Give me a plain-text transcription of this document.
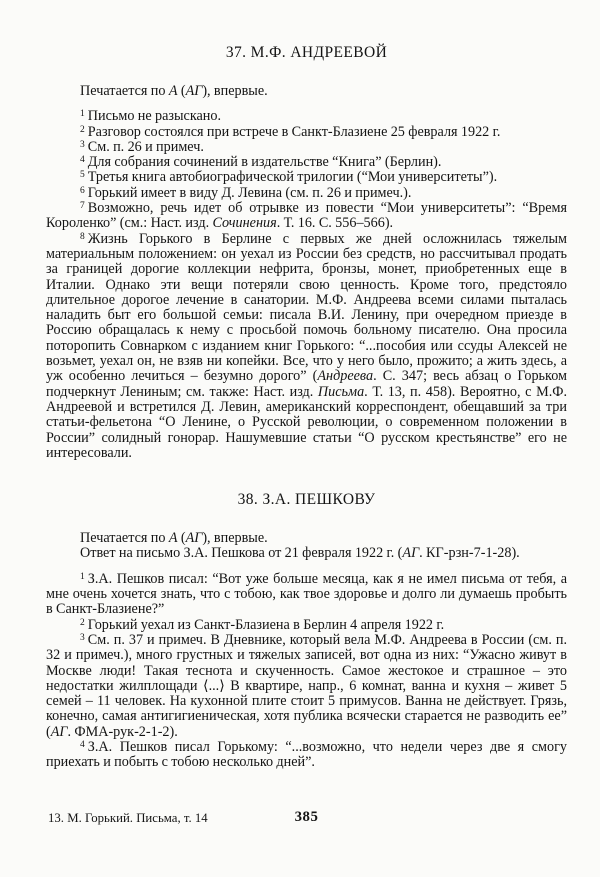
37. М.Ф. АНДРЕЕВОЙ

Печатается по А (АГ), впервые.

$^1$ Письмо не разыскано.

$^2$ Разговор состоялся при встрече в Санкт-Блазиене 25 февраля 1922 г.

$^3$ См. п. 26 и примеч.

$^4$ Для собрания сочинений в издательстве “Книга” (Берлин).

$^5$ Третья книга автобиографической трилогии (“Мои университеты”).

$^6$ Горький имеет в виду Д. Левина (см. п. 26 и примеч.).

$^7$ Возможно, речь идет об отрывке из повести “Мои университеты”: “Время Короленко” (см.: Наст. изд. Сочинения. Т. 16. С. 556–566).

$^8$ Жизнь Горького в Берлине с первых же дней осложнилась тяжелым материальным положением: он уехал из России без средств, но рассчитывал продать за границей дорогие коллекции нефрита, бронзы, монет, приобретенных еще в Италии. Однако эти вещи потеряли свою ценность. Кроме того, предстояло длительное дорогое лечение в санатории. М.Ф. Андреева всеми силами пыталась наладить быт его большой семьи: писала В.И. Ленину, при очередном приезде в Россию обращалась к нему с просьбой помочь больному писателю. Она просила поторопить Совнарком с изданием книг Горького: “...пособия или ссуды Алексей не возьмет, уехал он, не взяв ни копейки. Все, что у него было, прожито; а жить здесь, а уж особенно лечиться – безумно дорого” (Андреева. С. 347; весь абзац о Горьком подчеркнут Лениным; см. также: Наст. изд. Письма. Т. 13, п. 458). Вероятно, с М.Ф. Андреевой и встретился Д. Левин, американский корреспондент, обещавший за три статьи-фельетона “О Ленине, о Русской революции, о современном положении в России” солидный гонорар. Нашумевшие статьи “О русском крестьянстве” его не интересовали.

38. З.А. ПЕШКОВУ

Печатается по А (АГ), впервые.

Ответ на письмо З.А. Пешкова от 21 февраля 1922 г. (АГ. КГ-рзн-7-1-28).

$^1$ З.А. Пешков писал: “Вот уже больше месяца, как я не имел письма от тебя, а мне очень хочется знать, что с тобою, как твое здоровье и долго ли думаешь пробыть в Санкт-Блазиене?”

$^2$ Горький уехал из Санкт-Блазиена в Берлин 4 апреля 1922 г.

$^3$ См. п. 37 и примеч. В Дневнике, который вела М.Ф. Андреева в России (см. п. 32 и примеч.), много грустных и тяжелых записей, вот одна из них: “Ужасно живут в Москве люди! Такая теснота и скученность. Самое жестокое и страшное – это недостатки жилплощади ⟨...⟩ В квартире, напр., 6 комнат, ванна и кухня – живет 5 семей – 11 человек. На кухонной плите стоит 5 примусов. Ванна не действует. Грязь, конечно, самая антигигиеническая, хотя публика всячески старается не разводить ее” (АГ. ФМА-рук-2-1-2).

$^4$ З.А. Пешков писал Горькому: “...возможно, что недели через две я смогу приехать и побыть с тобою несколько дней”.

13. М. Горький. Письма, т. 14	385
